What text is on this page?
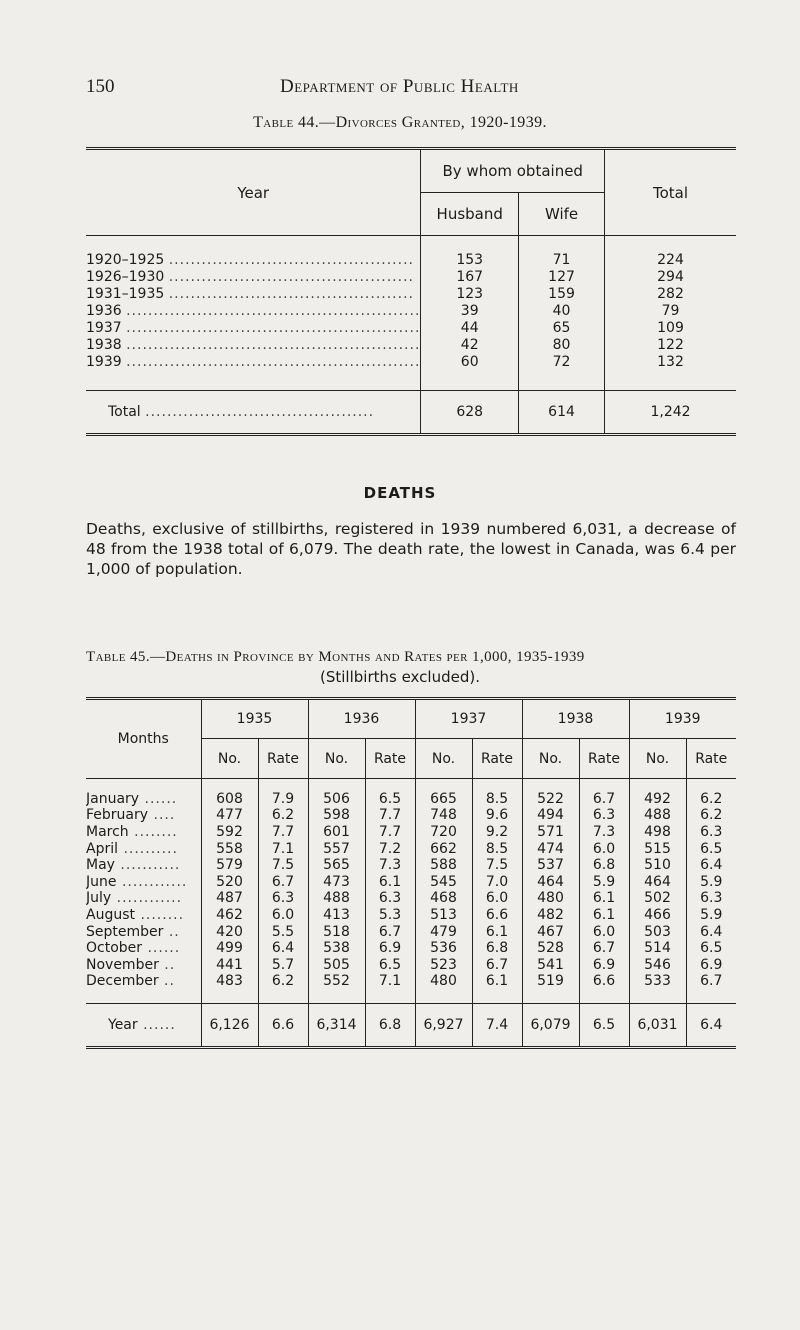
150	Department of Public Health
Table 44.—Divorces Granted, 1920-1939.
Year	By whom obtained		Total
	Husband	Wife	

1920–1925 .............................................	153	71	224
1926–1930 .............................................	167	127	294
1931–1935 .............................................	123	159	282
1936 ......................................................	39	40	79
1937 ......................................................	44	65	109
1938 ......................................................	42	80	122
1939 ......................................................	60	72	132

Total ..........................................	628	614	1,242
DEATHS
Deaths, exclusive of stillbirths, registered in 1939 numbered 6,031, a decrease of 48 from the 1938 total of 6,079. The death rate, the lowest in Canada, was 6.4 per 1,000 of population.
Table 45.—Deaths in Province by Months and Rates per 1,000, 1935-1939
(Stillbirths excluded).
Months	1935		1936		1937		1938		1939	
	No.	Rate	No.	Rate	No.	Rate	No.	Rate	No.	Rate

January ......	608	7.9	506	6.5	665	8.5	522	6.7	492	6.2
February ....	477	6.2	598	7.7	748	9.6	494	6.3	488	6.2
March ........	592	7.7	601	7.7	720	9.2	571	7.3	498	6.3
April ..........	558	7.1	557	7.2	662	8.5	474	6.0	515	6.5
May ...........	579	7.5	565	7.3	588	7.5	537	6.8	510	6.4
June ............	520	6.7	473	6.1	545	7.0	464	5.9	464	5.9
July ............	487	6.3	488	6.3	468	6.0	480	6.1	502	6.3
August ........	462	6.0	413	5.3	513	6.6	482	6.1	466	5.9
September ..	420	5.5	518	6.7	479	6.1	467	6.0	503	6.4
October ......	499	6.4	538	6.9	536	6.8	528	6.7	514	6.5
November ..	441	5.7	505	6.5	523	6.7	541	6.9	546	6.9
December ..	483	6.2	552	7.1	480	6.1	519	6.6	533	6.7

Year ......	6,126	6.6	6,314	6.8	6,927	7.4	6,079	6.5	6,031	6.4
